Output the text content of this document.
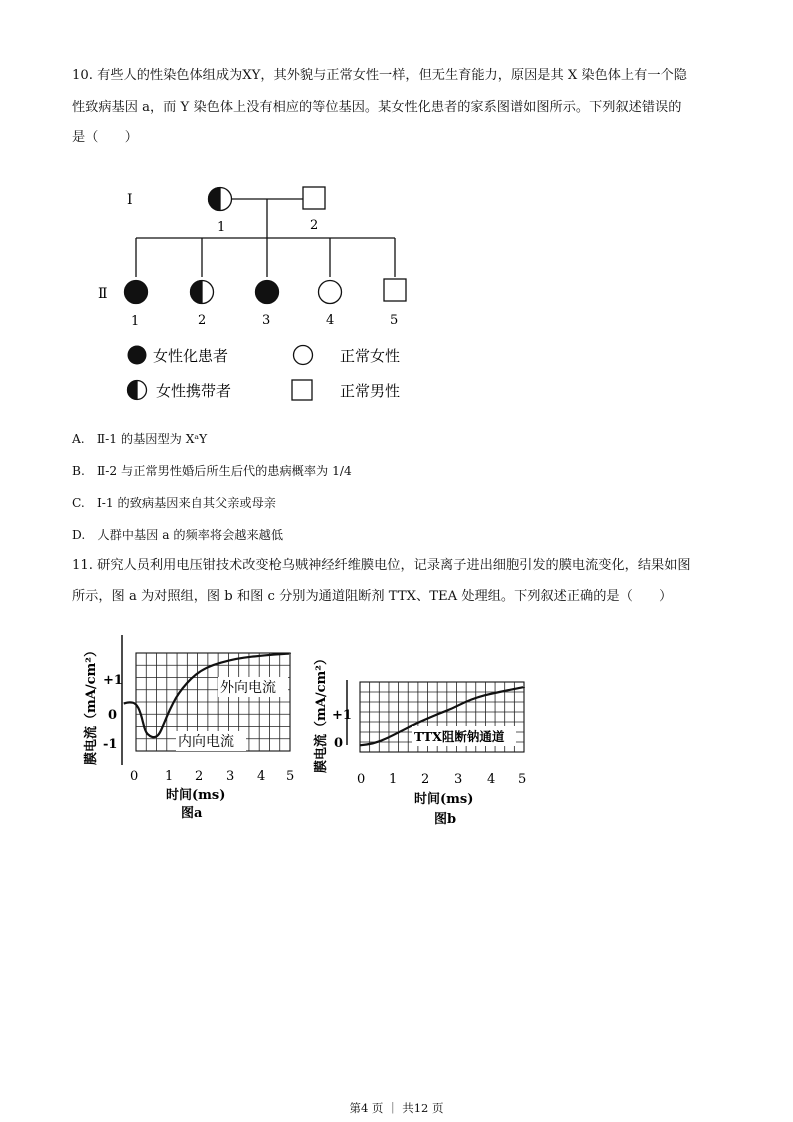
10. 有些人的性染色体组成为XY，其外貌与正常女性一样，但无生育能力，原因是其 X 染色体上有一个隐
性致病基因 a，而 Y 染色体上没有相应的等位基因。某女性化患者的家系图谱如图所示。下列叙述错误的
是（　　）
Ⅰ
Ⅱ
1	2
1	2	3	4	5
女性化患者	正常女性
女性携带者	正常男性
A.　Ⅱ-1 的基因型为 XᵃY
B.　Ⅱ-2 与正常男性婚后所生后代的患病概率为 1/4
C.　I-1 的致病基因来自其父亲或母亲
D.　人群中基因 a 的频率将会越来越低
11. 研究人员利用电压钳技术改变枪乌贼神经纤维膜电位，记录离子进出细胞引发的膜电流变化，结果如图
所示，图 a 为对照组，图 b 和图 c 分别为通道阻断剂 TTX、TEA 处理组。下列叙述正确的是（　　）
膜电流（mA/cm²） +1
0
-1
0 1 2 3 4 5
外向电流
内向电流
时间(ms)
图a
膜电流（mA/cm²） +1
0
0 1 2 3 4 5
TTX阻断钠通道
时间(ms)
图b
第4 页 ｜ 共12 页
